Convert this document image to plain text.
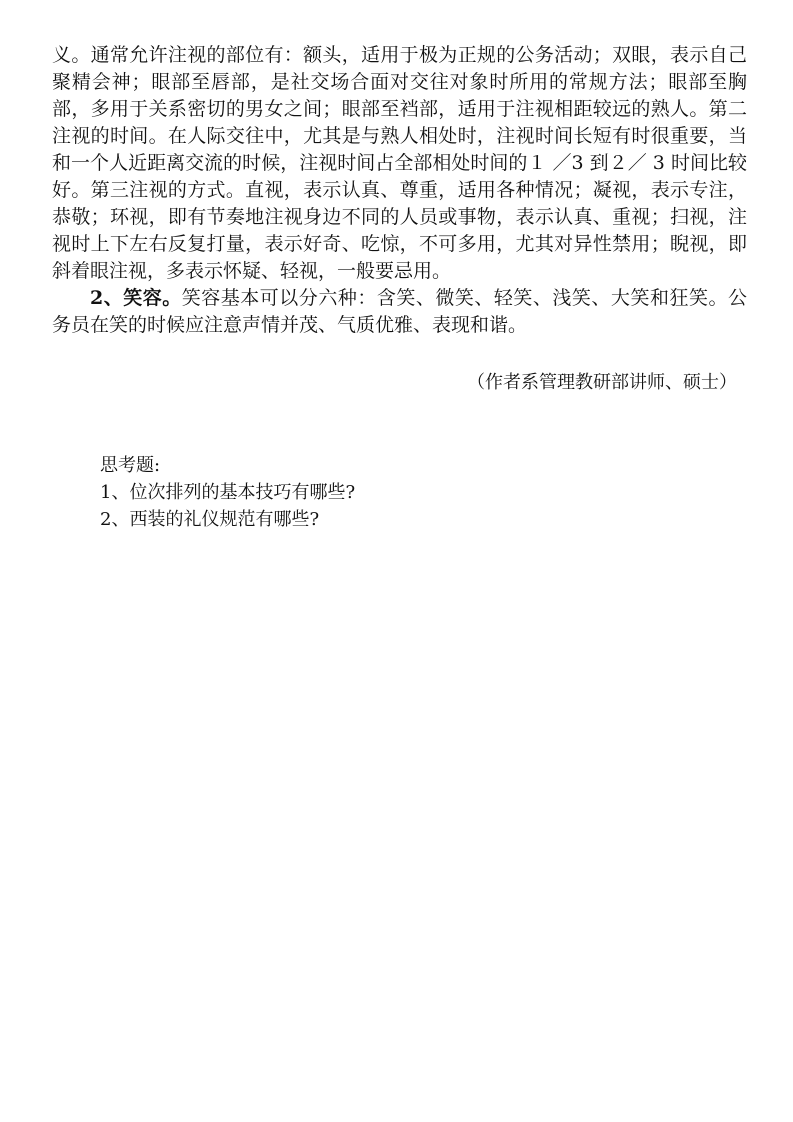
义。通常允许注视的部位有：额头，适用于极为正规的公务活动；双眼，表示自己聚精会神；眼部至唇部，是社交场合面对交往对象时所用的常规方法；眼部至胸部，多用于关系密切的男女之间；眼部至裆部，适用于注视相距较远的熟人。第二注视的时间。在人际交往中，尤其是与熟人相处时，注视时间长短有时很重要，当和一个人近距离交流的时候，注视时间占全部相处时间的１ ／3 到２／ 3 时间比较好。第三注视的方式。直视，表示认真、尊重，适用各种情况；凝视，表示专注，恭敬；环视，即有节奏地注视身边不同的人员或事物，表示认真、重视；扫视，注视时上下左右反复打量，表示好奇、吃惊，不可多用，尤其对异性禁用；睨视，即斜着眼注视，多表示怀疑、轻视，一般要忌用。

2、笑容。笑容基本可以分六种：含笑、微笑、轻笑、浅笑、大笑和狂笑。公务员在笑的时候应注意声情并茂、气质优雅、表现和谐。

（作者系管理教研部讲师、硕士）
思考题:
1、位次排列的基本技巧有哪些?
2、西装的礼仪规范有哪些?
